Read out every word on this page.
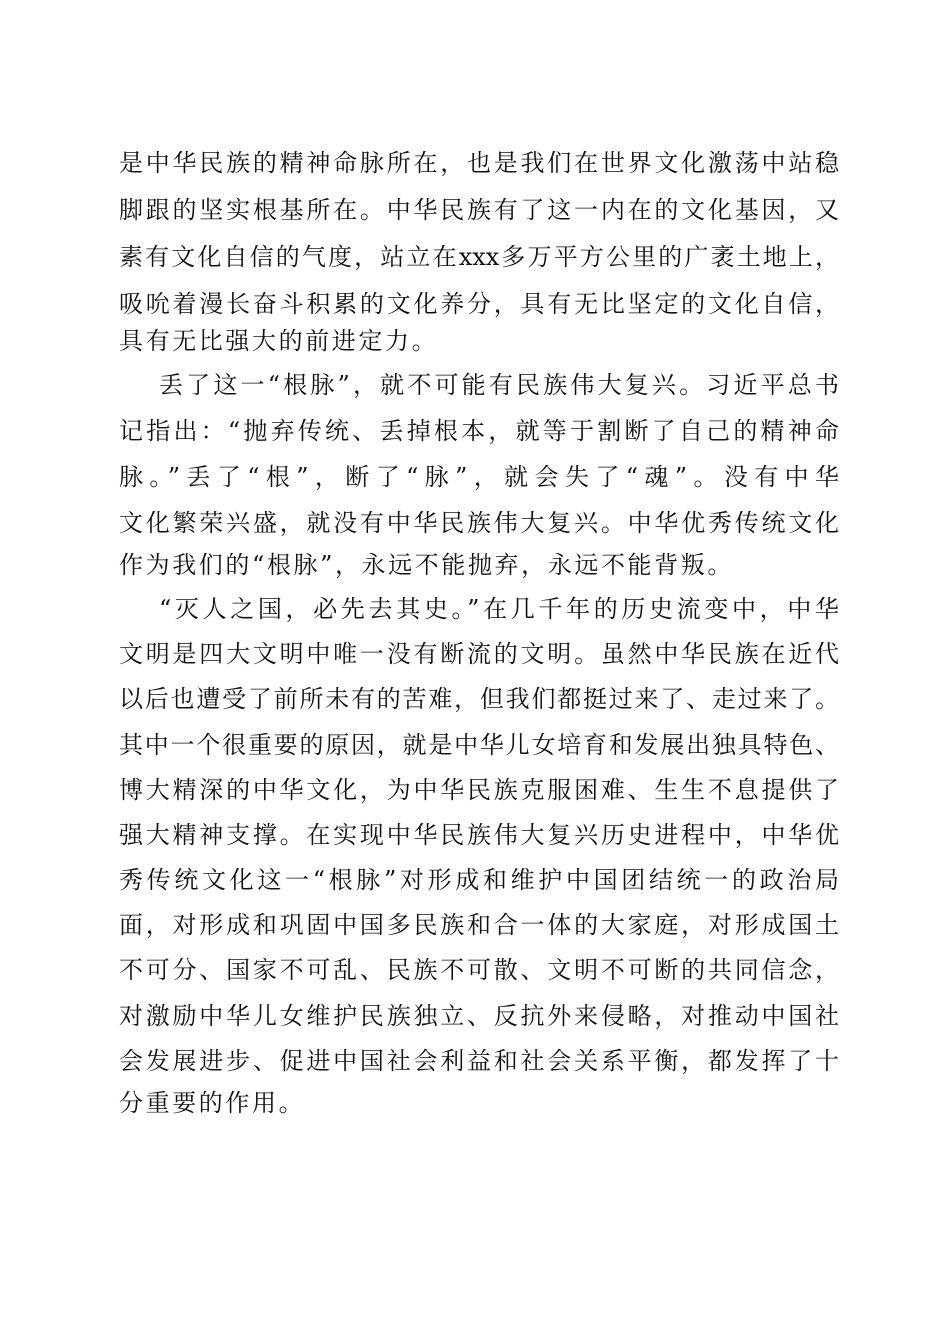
是中华民族的精神命脉所在，也是我们在世界文化激荡中站稳
脚跟的坚实根基所在。中华民族有了这一内在的文化基因，又
素有文化自信的气度，站立在xxx多万平方公里的广袤土地上，
吸吮着漫长奋斗积累的文化养分，具有无比坚定的文化自信，
具有无比强大的前进定力。
丢了这一“根脉”，就不可能有民族伟大复兴。习近平总书
记指出：“抛弃传统、丢掉根本，就等于割断了自己的精神命
脉。”丢了“根”，断了“脉”，就会失了“魂”。没有中华
文化繁荣兴盛，就没有中华民族伟大复兴。中华优秀传统文化
作为我们的“根脉”，永远不能抛弃，永远不能背叛。
“灭人之国，必先去其史。”在几千年的历史流变中，中华
文明是四大文明中唯一没有断流的文明。虽然中华民族在近代
以后也遭受了前所未有的苦难，但我们都挺过来了、走过来了。
其中一个很重要的原因，就是中华儿女培育和发展出独具特色、
博大精深的中华文化，为中华民族克服困难、生生不息提供了
强大精神支撑。在实现中华民族伟大复兴历史进程中，中华优
秀传统文化这一“根脉”对形成和维护中国团结统一的政治局
面，对形成和巩固中国多民族和合一体的大家庭，对形成国土
不可分、国家不可乱、民族不可散、文明不可断的共同信念，
对激励中华儿女维护民族独立、反抗外来侵略，对推动中国社
会发展进步、促进中国社会利益和社会关系平衡，都发挥了十
分重要的作用。
